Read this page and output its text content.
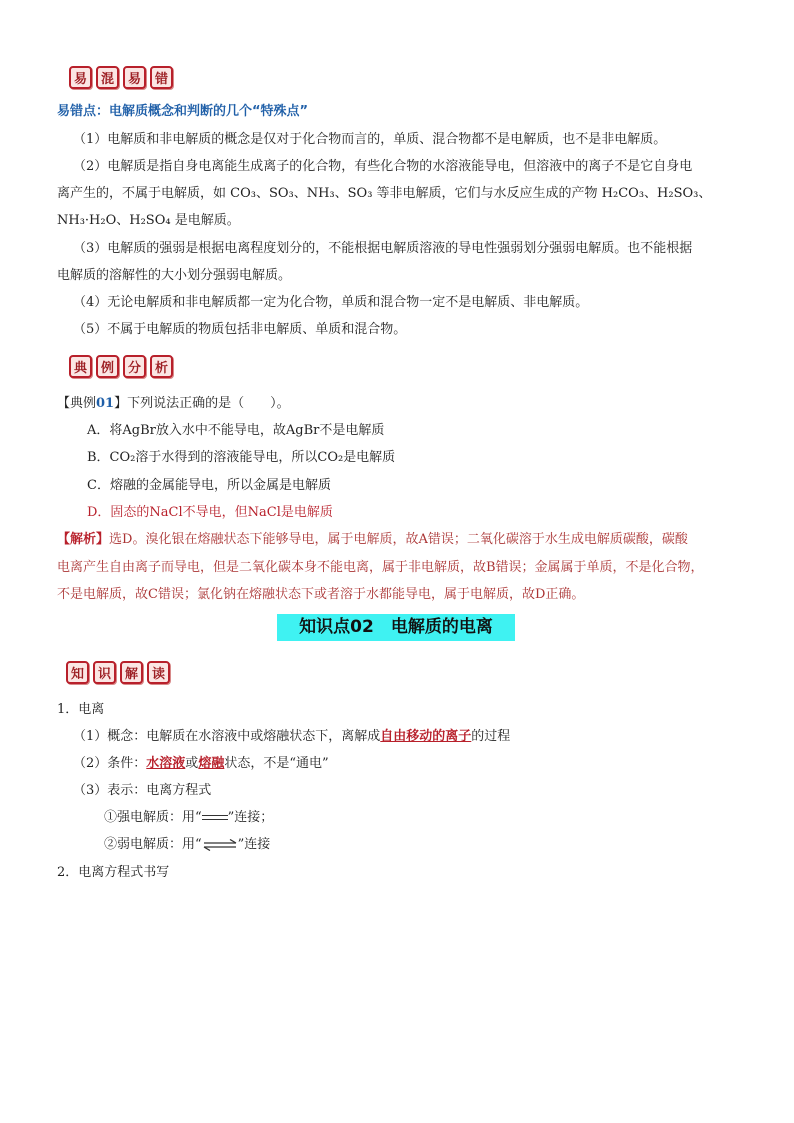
易	混	易	错
易错点：电解质概念和判断的几个“特殊点”
（1）电解质和非电解质的概念是仅对于化合物而言的，单质、混合物都不是电解质，也不是非电解质。
（2）电解质是指自身电离能生成离子的化合物，有些化合物的水溶液能导电，但溶液中的离子不是它自身电
离产生的，不属于电解质，如 CO₃、SO₃、NH₃、SO₃ 等非电解质，它们与水反应生成的产物 H₂CO₃、H₂SO₃、
NH₃·H₂O、H₂SO₄ 是电解质。
（3）电解质的强弱是根据电离程度划分的，不能根据电解质溶液的导电性强弱划分强弱电解质。也不能根据
电解质的溶解性的大小划分强弱电解质。
（4）无论电解质和非电解质都一定为化合物，单质和混合物一定不是电解质、非电解质。
（5）不属于电解质的物质包括非电解质、单质和混合物。
典	例	分	析
【典例01】下列说法正确的是（　　）。
A．将AgBr放入水中不能导电，故AgBr不是电解质
B．CO₂溶于水得到的溶液能导电，所以CO₂是电解质
C．熔融的金属能导电，所以金属是电解质
D．固态的NaCl不导电，但NaCl是电解质
【解析】选D。溴化银在熔融状态下能够导电，属于电解质，故A错误；二氧化碳溶于水生成电解质碳酸，碳酸
电离产生自由离子而导电，但是二氧化碳本身不能电离，属于非电解质，故B错误；金属属于单质，不是化合物，
不是电解质，故C错误；氯化钠在熔融状态下或者溶于水都能导电，属于电解质，故D正确。
知识点02　电解质的电离
知	识	解	读
1．电离
（1）概念：电解质在水溶液中或熔融状态下，离解成自由移动的离子的过程
（2）条件：水溶液或熔融状态，不是“通电”
（3）表示：电离方程式
①强电解质：用“ ”连接；
②弱电解质：用“⇌”连接
2．电离方程式书写
